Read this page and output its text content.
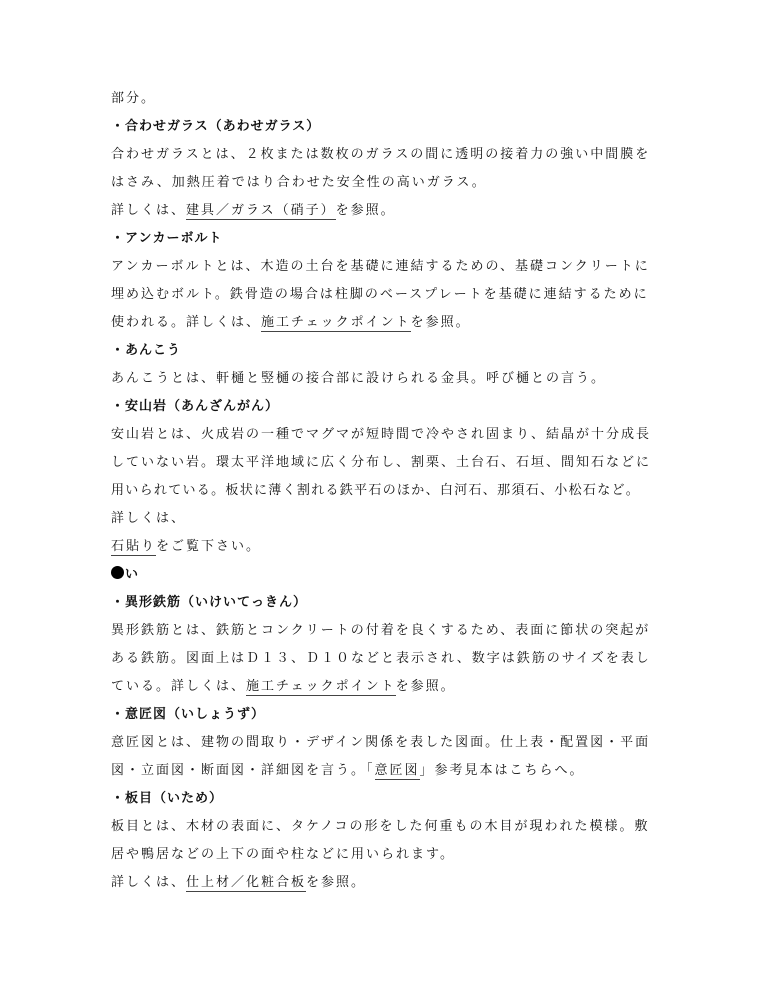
部分。

・合わせガラス（あわせガラス）

合わせガラスとは、２枚または数枚のガラスの間に透明の接着力の強い中間膜を

はさみ、加熱圧着ではり合わせた安全性の高いガラス。

詳しくは、建具／ガラス（硝子）を参照。

・アンカーボルト

アンカーボルトとは、木造の土台を基礎に連結するための、基礎コンクリートに

埋め込むボルト。鉄骨造の場合は柱脚のベースプレートを基礎に連結するために

使われる。詳しくは、施工チェックポイントを参照。

・あんこう

あんこうとは、軒樋と竪樋の接合部に設けられる金具。呼び樋との言う。

・安山岩（あんざんがん）

安山岩とは、火成岩の一種でマグマが短時間で冷やされ固まり、結晶が十分成長

していない岩。環太平洋地域に広く分布し、割栗、土台石、石垣、間知石などに

用いられている。板状に薄く割れる鉄平石のほか、白河石、那須石、小松石など。

詳しくは、

石貼りをご覧下さい。

い

・異形鉄筋（いけいてっきん）

異形鉄筋とは、鉄筋とコンクリートの付着を良くするため、表面に節状の突起が

ある鉄筋。図面上はＤ１３、Ｄ１０などと表示され、数字は鉄筋のサイズを表し

ている。詳しくは、施工チェックポイントを参照。

・意匠図（いしょうず）

意匠図とは、建物の間取り・デザイン関係を表した図面。仕上表・配置図・平面

図・立面図・断面図・詳細図を言う。「意匠図」参考見本はこちらへ。

・板目（いため）

板目とは、木材の表面に、タケノコの形をした何重もの木目が現われた模様。敷

居や鴨居などの上下の面や柱などに用いられます。

詳しくは、仕上材／化粧合板を参照。
